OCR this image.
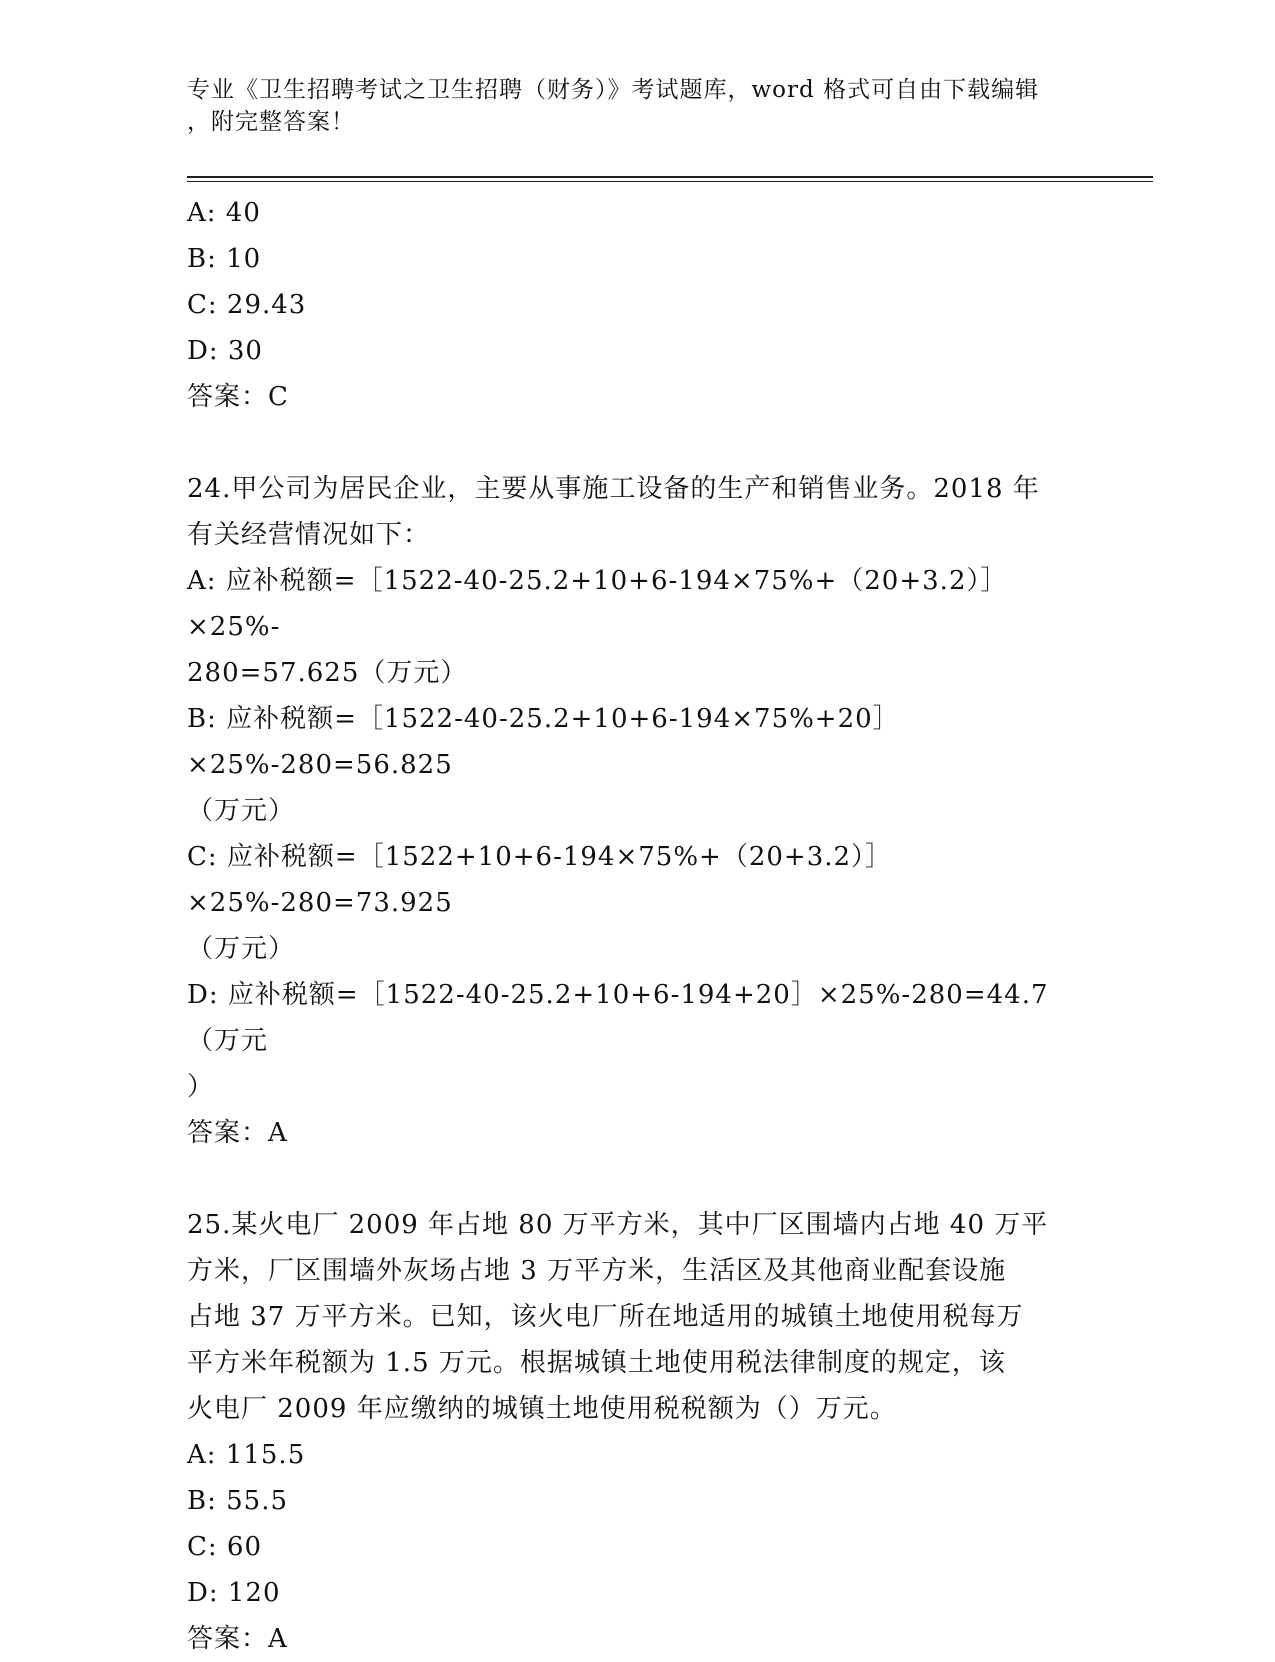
专业《卫生招聘考试之卫生招聘（财务）》考试题库，word 格式可自由下载编辑
，附完整答案！
A: 40
B: 10
C: 29.43
D: 30
答案：C
24.甲公司为居民企业，主要从事施工设备的生产和销售业务。2018 年
有关经营情况如下：
A: 应补税额=［1522-40-25.2+10+6-194×75%+（20+3.2）］×25%-
280=57.625（万元）
B: 应补税额=［1522-40-25.2+10+6-194×75%+20］×25%-280=56.825
（万元）
C: 应补税额=［1522+10+6-194×75%+（20+3.2）］×25%-280=73.925
（万元）
D: 应补税额=［1522-40-25.2+10+6-194+20］×25%-280=44.7（万元
）
答案：A
25.某火电厂 2009 年占地 80 万平方米，其中厂区围墙内占地 40 万平
方米，厂区围墙外灰场占地 3 万平方米，生活区及其他商业配套设施
占地 37 万平方米。已知，该火电厂所在地适用的城镇土地使用税每万
平方米年税额为 1.5 万元。根据城镇土地使用税法律制度的规定，该
火电厂 2009 年应缴纳的城镇土地使用税税额为（）万元。
A: 115.5
B: 55.5
C: 60
D: 120
答案：A
